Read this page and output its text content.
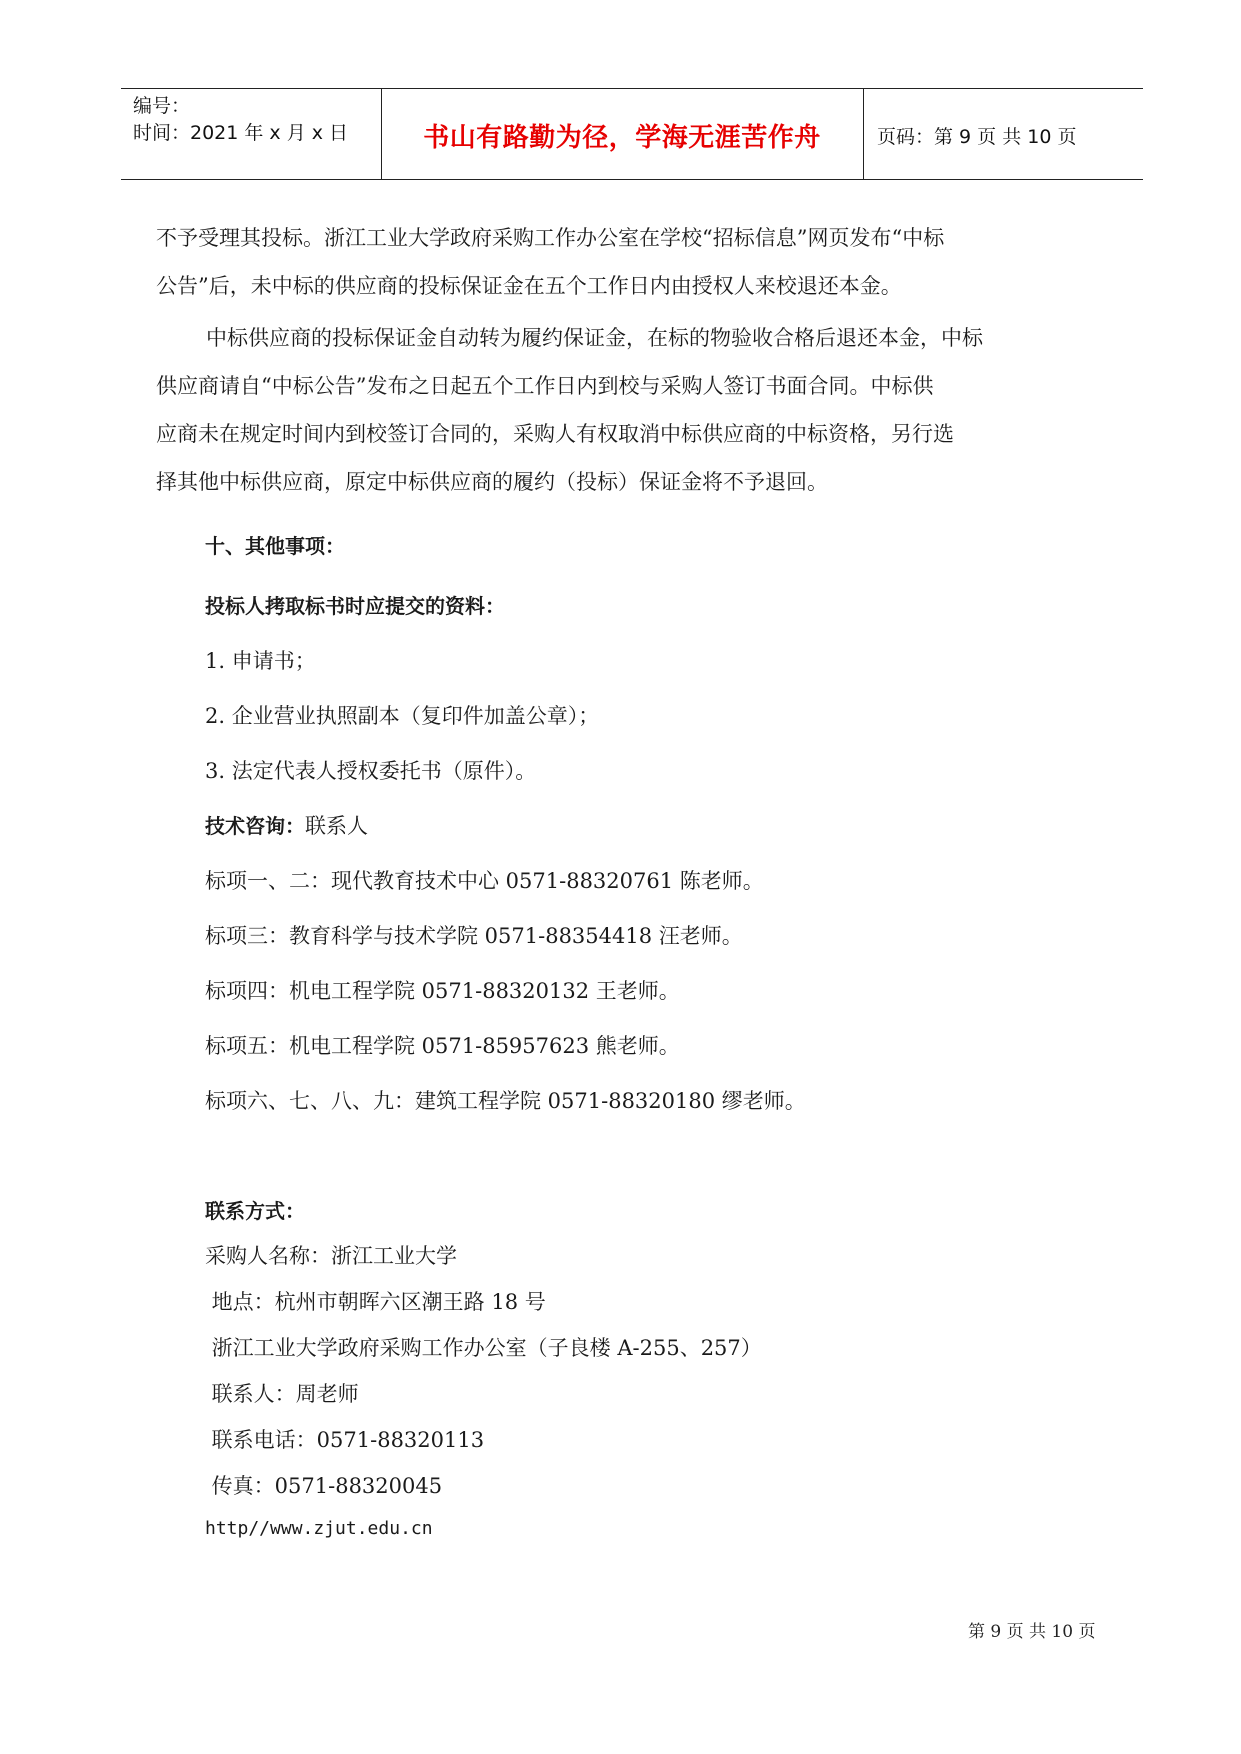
编号：
时间：2021 年 x 月 x 日	书山有路勤为径，学海无涯苦作舟	页码：第 9 页 共 10 页
不予受理其投标。浙江工业大学政府采购工作办公室在学校“招标信息”网页发布“中标
公告”后，未中标的供应商的投标保证金在五个工作日内由授权人来校退还本金。
中标供应商的投标保证金自动转为履约保证金，在标的物验收合格后退还本金，中标
供应商请自“中标公告”发布之日起五个工作日内到校与采购人签订书面合同。中标供
应商未在规定时间内到校签订合同的，采购人有权取消中标供应商的中标资格，另行选
择其他中标供应商，原定中标供应商的履约（投标）保证金将不予退回。
十、其他事项：
投标人拷取标书时应提交的资料：
1. 申请书；
2. 企业营业执照副本（复印件加盖公章）；
3. 法定代表人授权委托书（原件）。
技术咨询：联系人
标项一、二：现代教育技术中心 0571-88320761 陈老师。
标项三：教育科学与技术学院 0571-88354418 汪老师。
标项四：机电工程学院 0571-88320132 王老师。
标项五：机电工程学院 0571-85957623 熊老师。
标项六、七、八、九：建筑工程学院 0571-88320180 缪老师。
联系方式：
采购人名称：浙江工业大学
地点：杭州市朝晖六区潮王路 18 号
浙江工业大学政府采购工作办公室（子良楼 A-255、257）
联系人：周老师
联系电话：0571-88320113
传真：0571-88320045
http//www.zjut.edu.cn
第 9 页 共 10 页
